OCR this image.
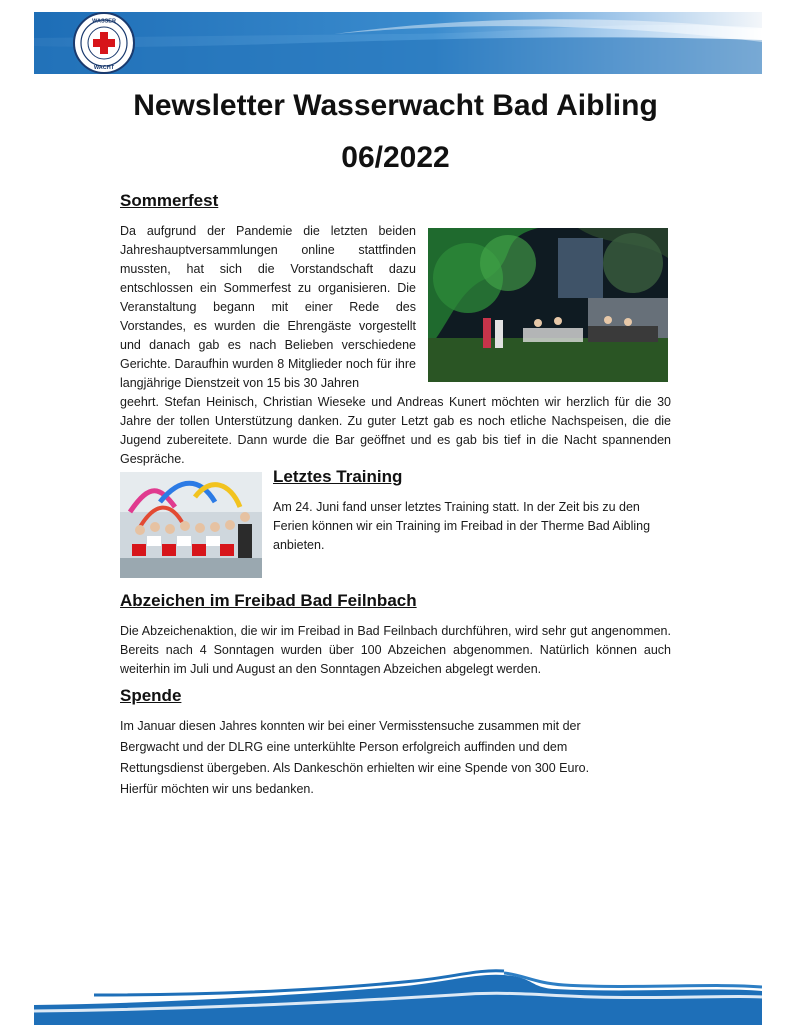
WASSER
WACHT
Newsletter Wasserwacht Bad Aibling
06/2022
Sommerfest

Da aufgrund der Pandemie die letzten beiden Jahreshauptversammlungen online stattfinden mussten, hat sich die Vorstandschaft dazu entschlossen ein Sommerfest zu organisieren. Die Veranstaltung begann mit einer Rede des Vorstandes, es wurden die Ehrengäste vorgestellt und danach gab es nach Belieben verschiedene Gerichte. Daraufhin wurden 8 Mitglieder noch für ihre langjährige Dienstzeit von 15 bis 30 Jahren

geehrt. Stefan Heinisch, Christian Wieseke und Andreas Kunert möchten wir herzlich für die 30 Jahre der tollen Unterstützung danken. Zu guter Letzt gab es noch etliche Nachspeisen, die die Jugend zubereitete. Dann wurde die Bar geöffnet und es gab bis tief in die Nacht spannenden Gespräche.

Letztes Training

Am 24. Juni fand unser letztes Training statt. In der Zeit bis zu den Ferien können wir ein Training im Freibad in der Therme Bad Aibling anbieten.

Abzeichen im Freibad Bad Feilnbach

Die Abzeichenaktion, die wir im Freibad in Bad Feilnbach durchführen, wird sehr gut angenommen. Bereits nach 4 Sonntagen wurden über 100 Abzeichen abgenommen. Natürlich können auch weiterhin im Juli und August an den Sonntagen Abzeichen abgelegt werden.

Spende

Im Januar diesen Jahres konnten wir bei einer Vermisstensuche zusammen mit der Bergwacht und der DLRG eine unterkühlte Person erfolgreich auffinden und dem Rettungsdienst übergeben. Als Dankeschön erhielten wir eine Spende von 300 Euro. Hierfür möchten wir uns bedanken.
